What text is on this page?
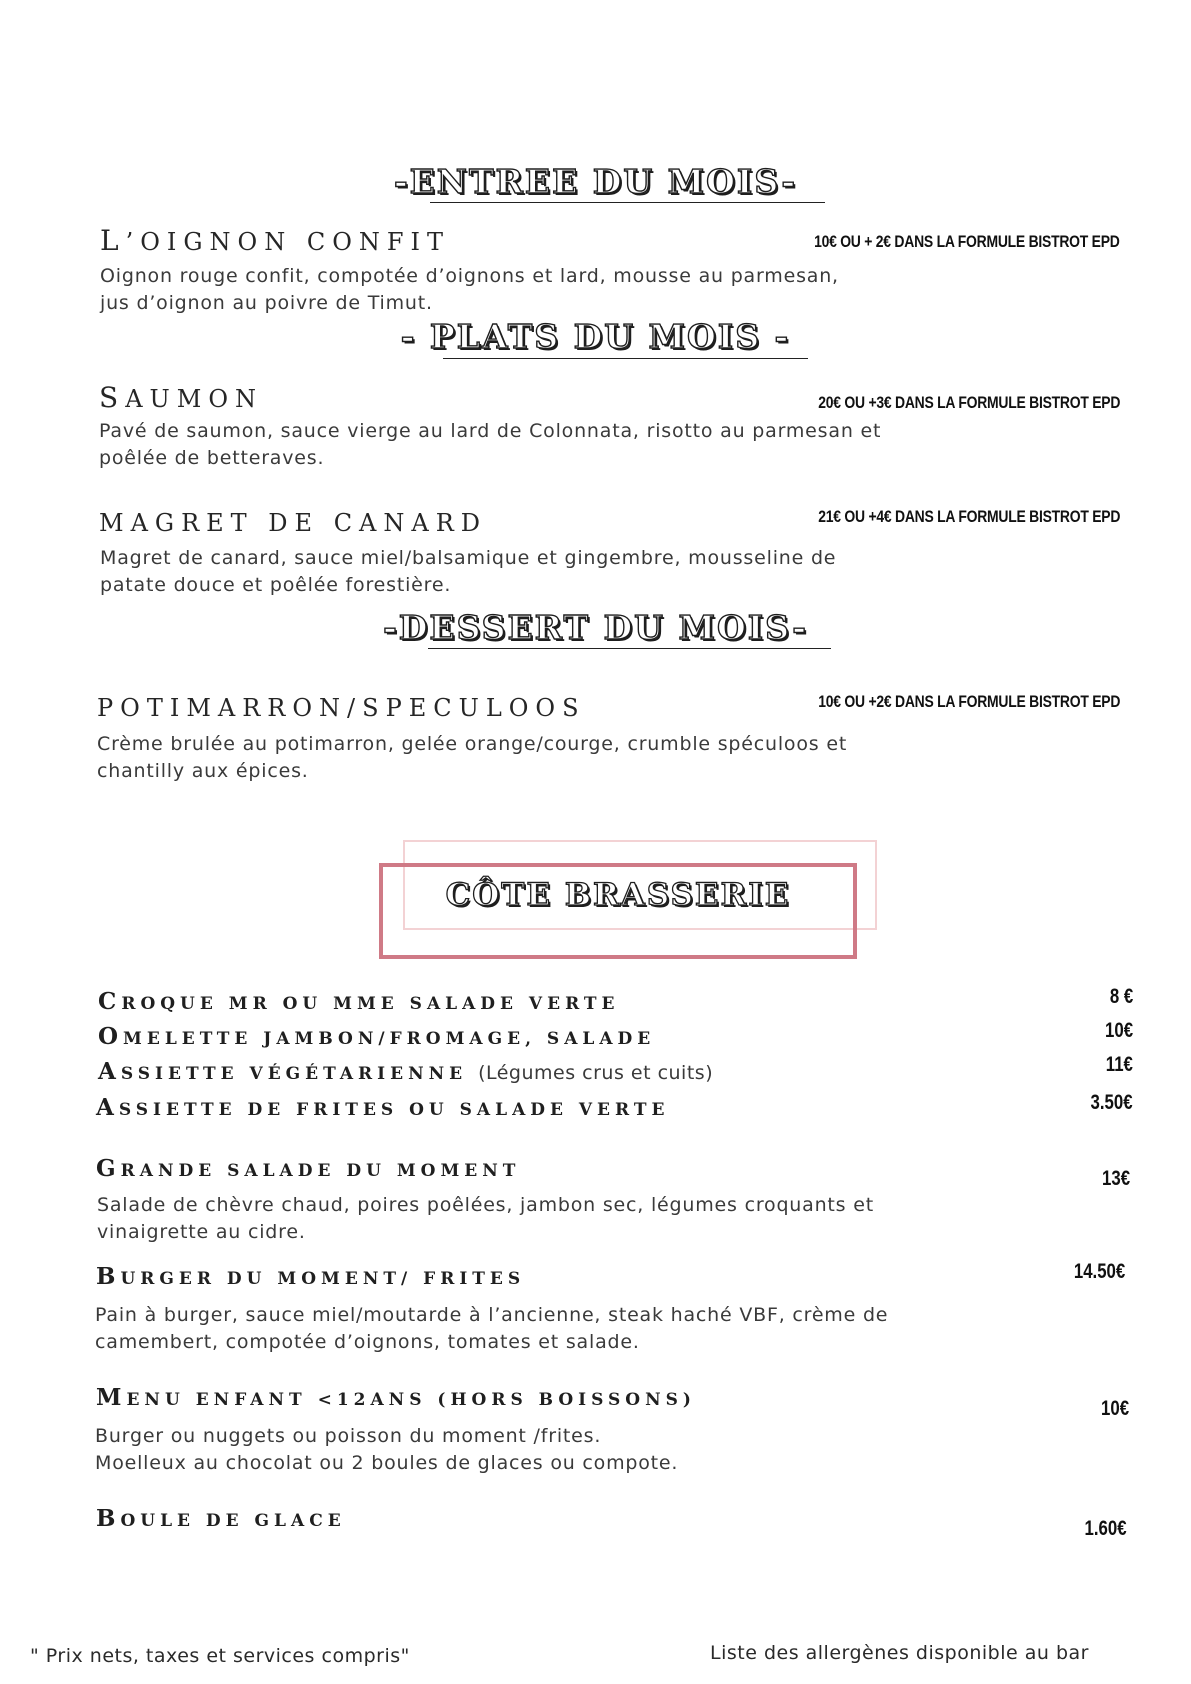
-ENTREE DU MOIS-
L’OIGNON CONFIT	10€ OU + 2€ DANS LA FORMULE BISTROT EPD
Oignon rouge confit, compotée d’oignons et lard, mousse au parmesan,
jus d’oignon au poivre de Timut.
- PLATS DU MOIS -
SAUMON	20€ OU +3€ DANS LA FORMULE BISTROT EPD
Pavé de saumon, sauce vierge au lard de Colonnata, risotto au parmesan et
poêlée de betteraves.
MAGRET DE CANARD	21€ OU +4€ DANS LA FORMULE BISTROT EPD
Magret de canard, sauce miel/balsamique et gingembre, mousseline de
patate douce et poêlée forestière.
-DESSERT DU MOIS-
POTIMARRON/SPECULOOS	10€ OU +2€ DANS LA FORMULE BISTROT EPD
Crème brulée au potimarron, gelée orange/courge, crumble spéculoos et
chantilly aux épices.
CÔTE BRASSERIE
CROQUE MR OU MME SALADE VERTE	8 €
OMELETTE JAMBON/FROMAGE, SALADE	10€
ASSIETTE VÉGÉTARIENNE (Légumes crus et cuits)	11€
ASSIETTE DE FRITES OU SALADE VERTE	3.50€
GRANDE SALADE DU MOMENT	13€
Salade de chèvre chaud, poires poêlées, jambon sec, légumes croquants et
vinaigrette au cidre.
BURGER DU MOMENT/ FRITES	14.50€
Pain à burger, sauce miel/moutarde à l’ancienne, steak haché VBF, crème de
camembert, compotée d’oignons, tomates et salade.
MENU ENFANT <12ANS (HORS BOISSONS)	10€
Burger ou nuggets ou poisson du moment /frites.
Moelleux au chocolat ou 2 boules de glaces ou compote.
BOULE DE GLACE	1.60€
" Prix nets, taxes et services compris"	Liste des allergènes disponible au bar
